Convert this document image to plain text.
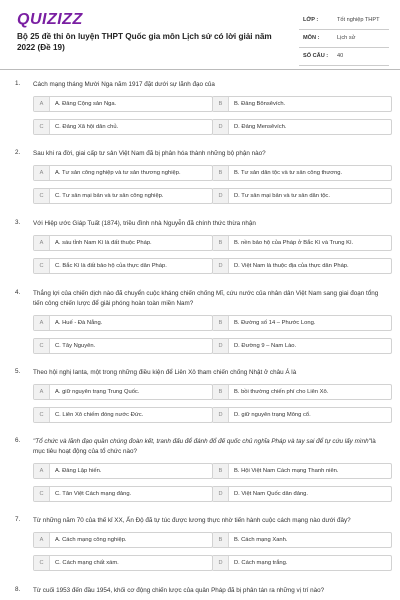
QUIZIZZ
Bộ 25 đề thi ôn luyện THPT Quốc gia môn Lịch sử có lời giải năm 2022 (Đề 19)
LỚP :	Tốt nghiệp THPT
MÔN :	Lịch sử
SỐ CÂU : 40
1. Cách mạng tháng Mười Nga năm 1917 đặt dưới sự lãnh đạo của
A	A. Đảng Cộng sản Nga.	B	B. Đảng Bônsêvích.
C	C. Đảng Xã hội dân chủ.	D	D. Đảng Mensêvích.
2. Sau khi ra đời, giai cấp tư sản Việt Nam đã bị phân hóa thành những bộ phận nào?
A	A. Tư sản công nghiệp và tư sản thương nghiệp.	B	B. Tư sản dân tộc và tư sản công thương.
C	C. Tư sản mại bản và tư sản công nghiệp.	D	D. Tư sản mại bản và tư sản dân tộc.
3. Với Hiệp ước Giáp Tuất (1874), triều đình nhà Nguyễn đã chính thức thừa nhận
A	A. sáu tỉnh Nam Kì là đất thuộc Pháp.	B	B. nền bảo hộ của Pháp ở Bắc Kì và Trung Kì.
C	C. Bắc Kì là đất bảo hộ của thực dân Pháp.	D	D. Việt Nam là thuộc địa của thực dân Pháp.
4. Thắng lợi của chiến dịch nào đã chuyển cuộc kháng chiến chống Mĩ, cứu nước của nhân dân Việt Nam sang giai đoạn tổng tiến công chiến lược để giải phóng hoàn toàn miền Nam?
A	A. Huế - Đà Nẵng.	B	B. Đường số 14 – Phước Long.
C	C. Tây Nguyên.	D	D. Đường 9 – Nam Lào.
5. Theo hội nghị Ianta, một trong những điều kiện để Liên Xô tham chiến chống Nhật ở châu Á là
A	A. giữ nguyên trạng Trung Quốc.	B	B. bồi thường chiến phí cho Liên Xô.
C	C. Liên Xô chiếm đóng nước Đức.	D	D. giữ nguyên trạng Mông cổ.
6. "Tổ chức và lãnh đạo quần chúng đoàn kết, tranh đấu để đánh đổ đế quốc chủ nghĩa Pháp và tay sai để tự cứu lấy mình"là mục tiêu hoạt động của tổ chức nào?
A	A. Đảng Lập hiến.	B	B. Hội Việt Nam Cách mạng Thanh niên.
C	C. Tân Việt Cách mạng đảng.	D	D. Việt Nam Quốc dân đảng.
7. Từ những năm 70 của thế kỉ XX, Ấn Độ đã tự túc được lương thực nhờ tiến hành cuộc cách mạng nào dưới đây?
A	A. Cách mạng công nghiệp.	B	B. Cách mạng Xanh.
C	C. Cách mạng chất xám.	D	D. Cách mạng trắng.
8. Từ cuối 1953 đến đầu 1954, khối cơ động chiến lược của quân Pháp đã bị phân tán ra những vị trí nào?
